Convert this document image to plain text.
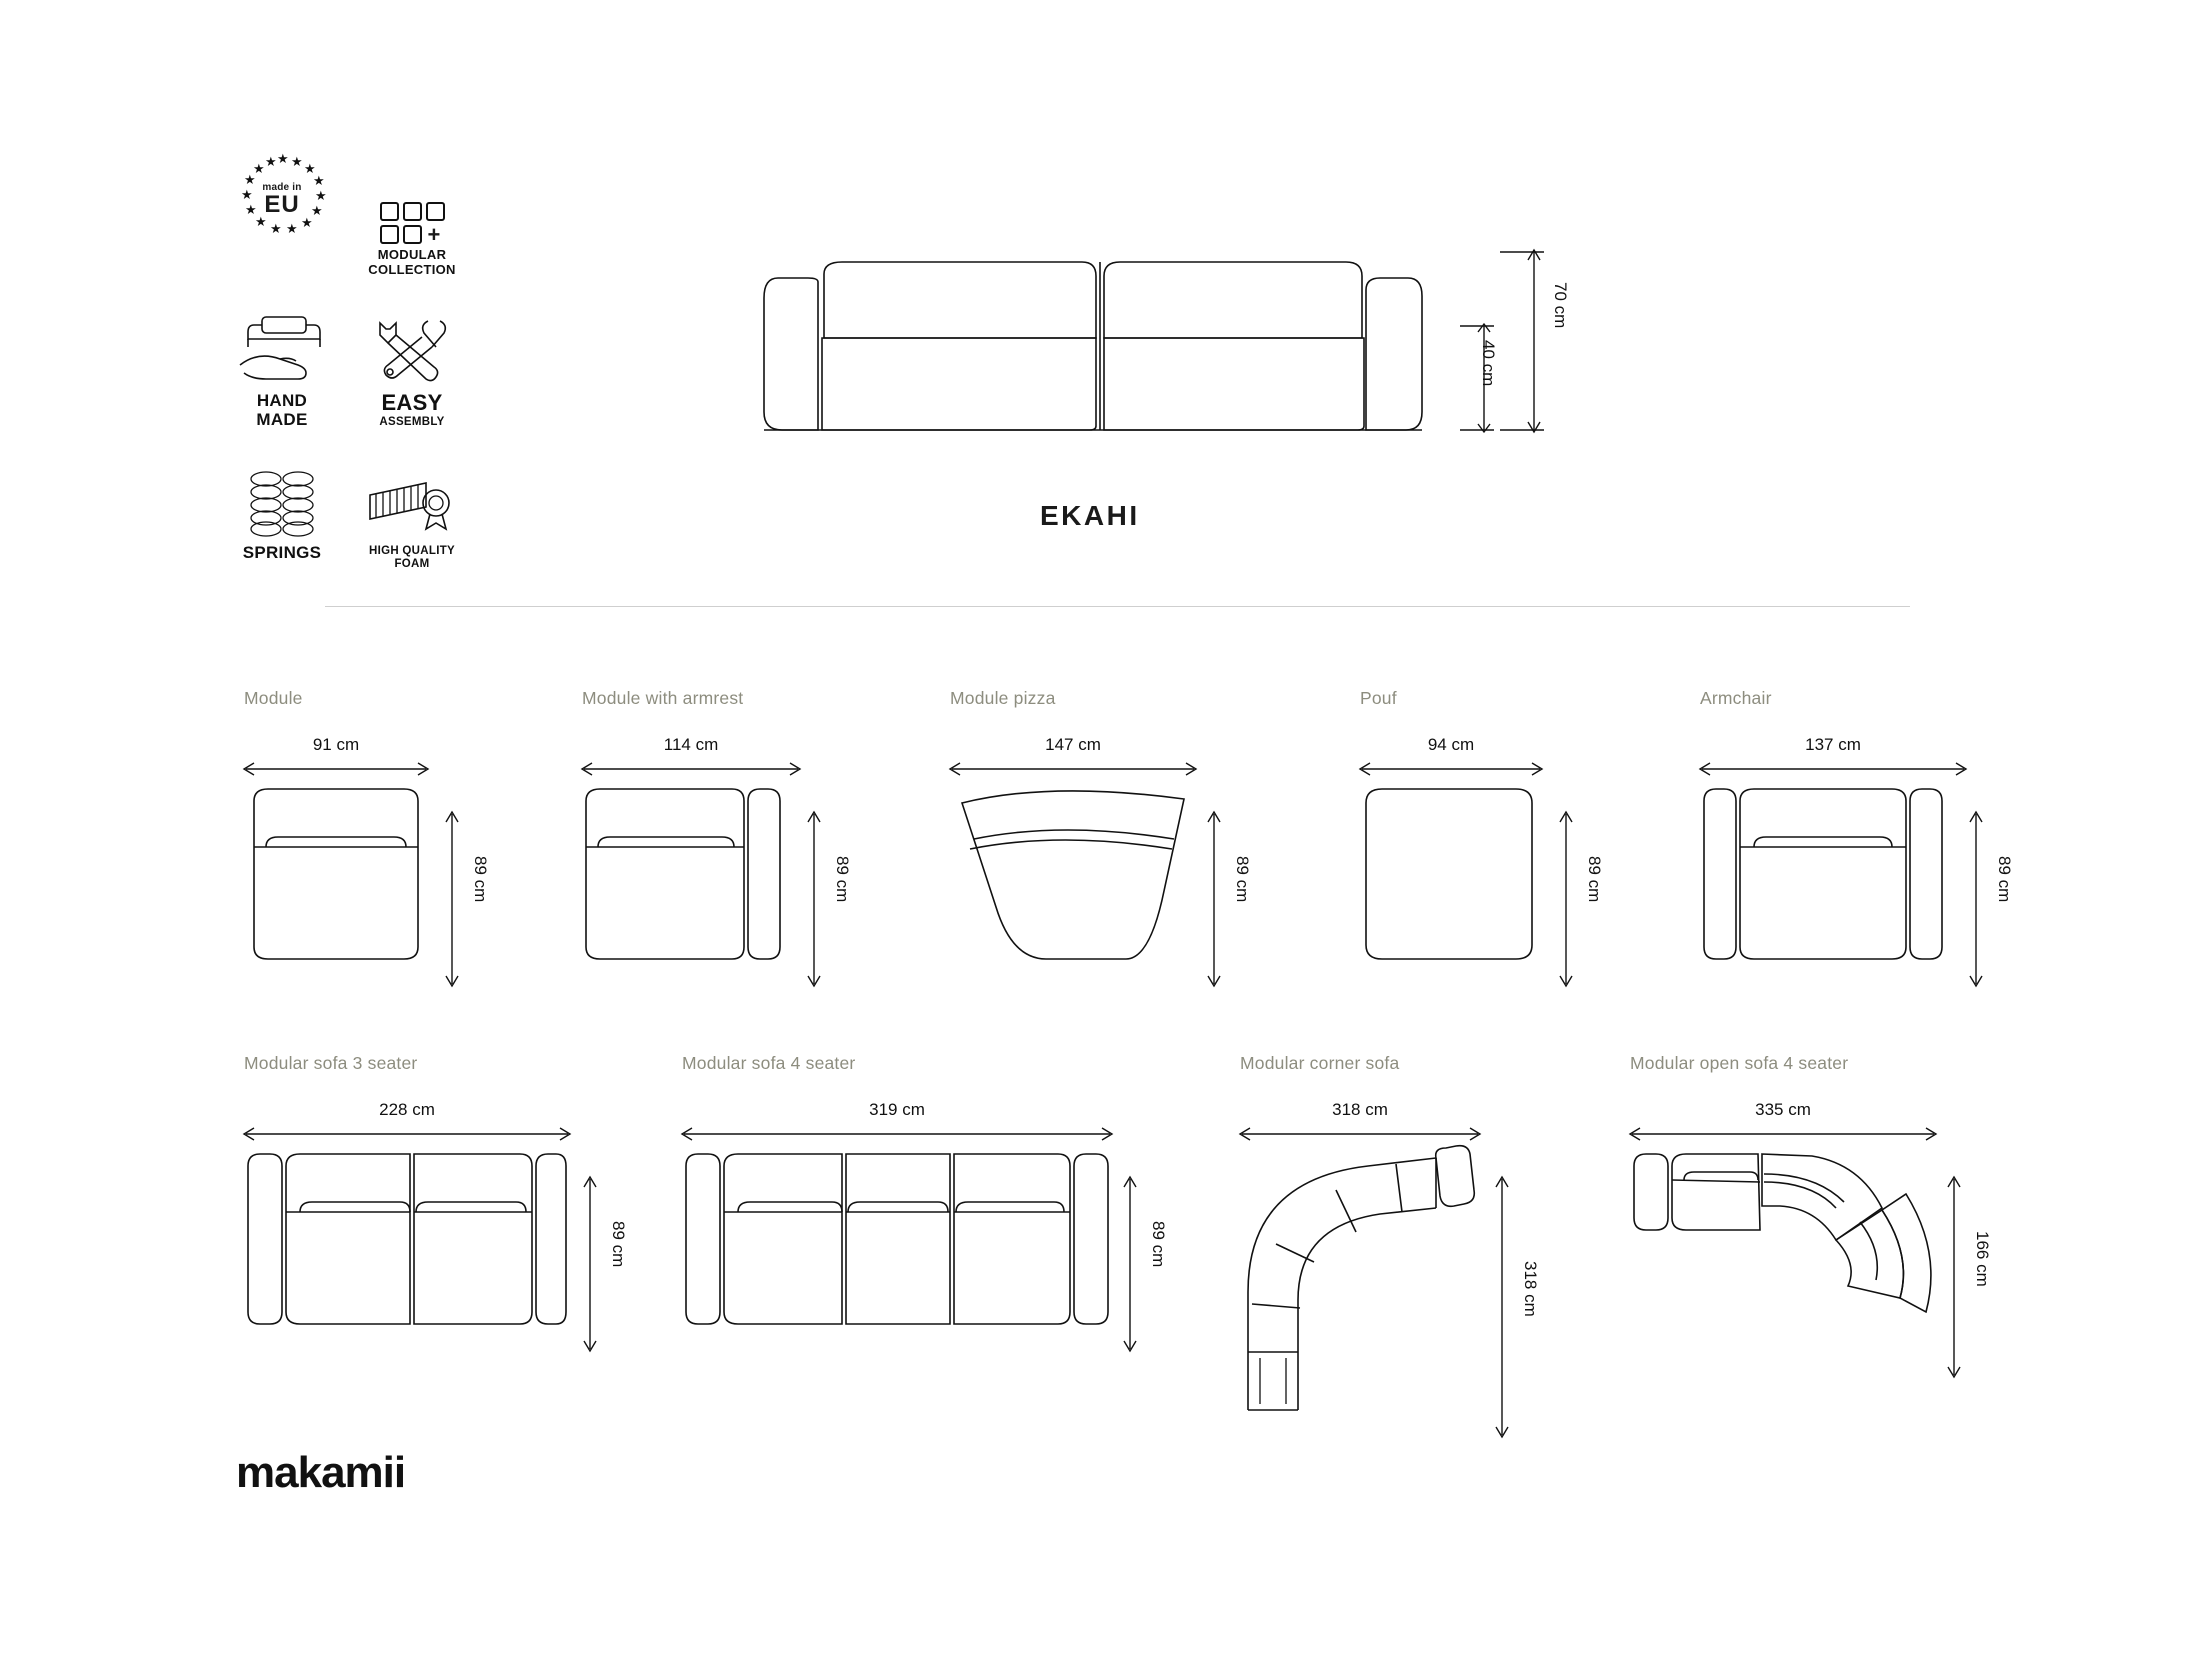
★ ★ ★
★
★
★
★
★
★
★
★
★
★
★ ★
made in
EU
+
MODULAR
COLLECTION
HAND
MADE
EASY
ASSEMBLY
SPRINGS	HIGH QUALITY
FOAM
40 cm
70 cm
EKAHI
Module
91 cm
89 cm
Module with armrest
114 cm
89 cm
Module pizza
147 cm
89 cm
Pouf
94 cm
89 cm
Armchair
137 cm
89 cm
Modular sofa 3 seater
228 cm
89 cm
Modular sofa 4 seater
319 cm
89 cm
Modular corner sofa
318 cm
318 cm
Modular open sofa 4 seater
335 cm
166 cm
makamii
